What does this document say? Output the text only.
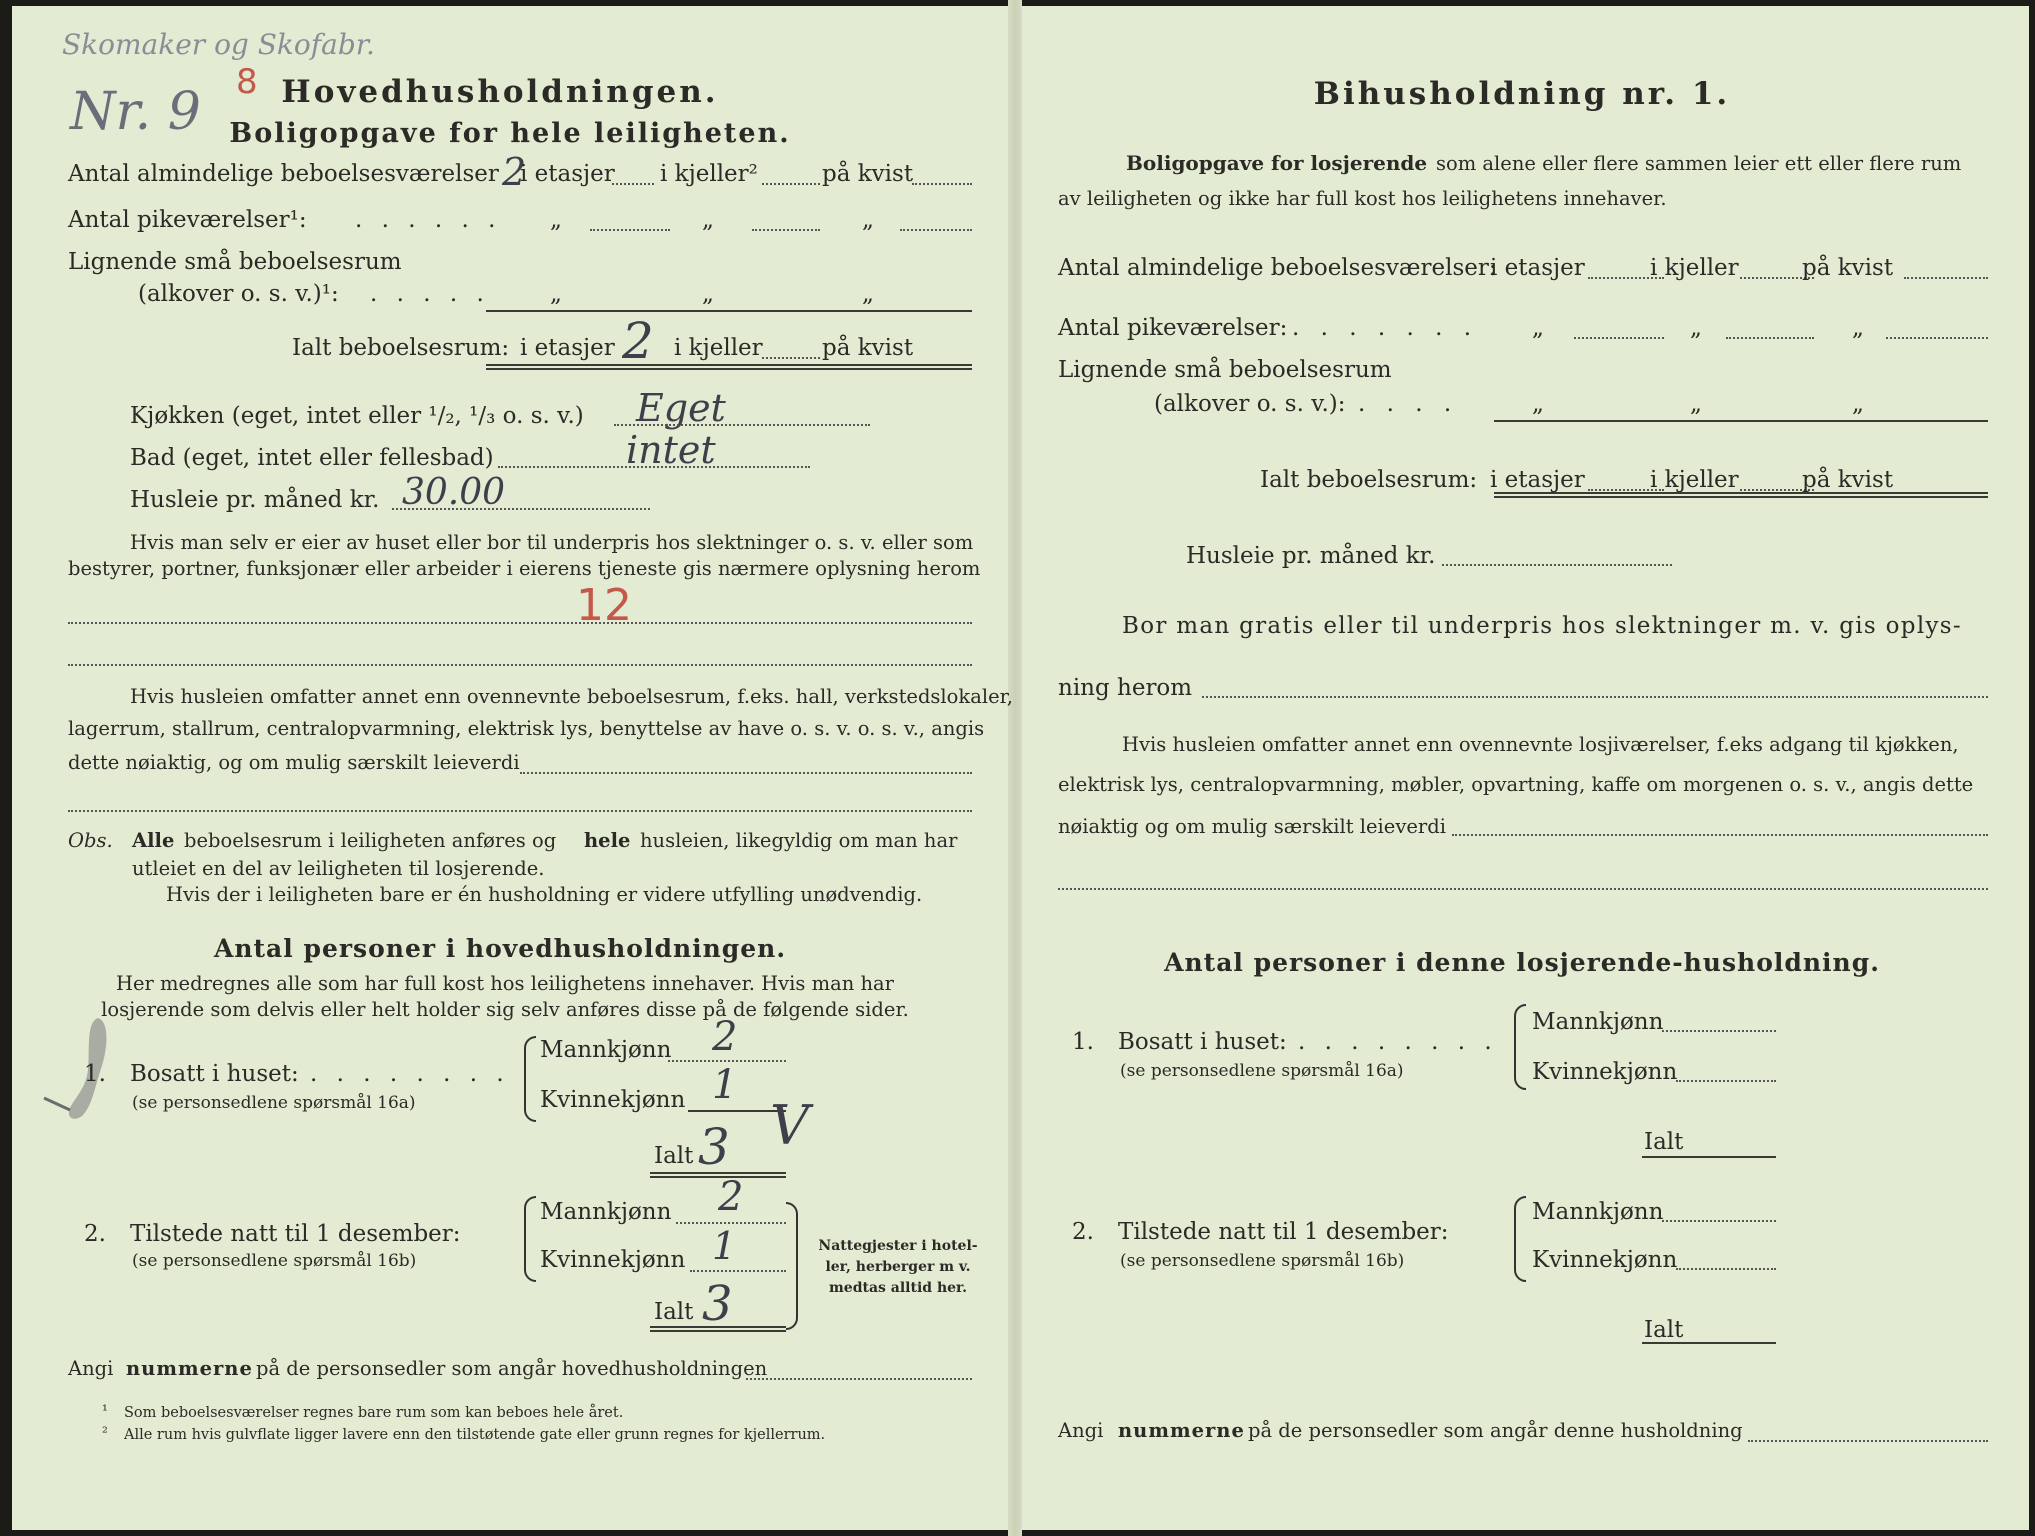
Skomaker og Skofabr.
Nr. 9 8 Hovedhusholdningen.
Boligopgave for hele leiligheten.
Antal almindelige beboelsesværelser 2
i etasjer i kjeller²	på kvist
Antal pikeværelser¹: . . . . . . „	„	„
Lignende små beboelsesrum
(alkover o. s. v.)¹: . . . . .	„	„	„
Ialt beboelsesrum: i etasjer 2 i kjeller	på kvist
Kjøkken (eget, intet eller ¹/₂, ¹/₃ o. s. v.) Eget
Bad (eget, intet eller fellesbad)	intet
Husleie pr. måned kr. 30.00
Hvis man selv er eier av huset eller bor til underpris hos slektninger o. s. v. eller som
bestyrer, portner, funksjonær eller arbeider i eierens tjeneste gis nærmere oplysning herom
12
Hvis husleien omfatter annet enn ovennevnte beboelsesrum, f.eks. hall, verkstedslokaler,
lagerrum, stallrum, centralopvarmning, elektrisk lys, benyttelse av have o. s. v. o. s. v., angis
dette nøiaktig, og om mulig særskilt leieverdi
Obs. Alle beboelsesrum i leiligheten anføres og hele husleien, likegyldig om man har
utleiet en del av leiligheten til losjerende.
Hvis der i leiligheten bare er én husholdning er videre utfylling unødvendig.
Antal personer i hovedhusholdningen.
Her medregnes alle som har full kost hos leilighetens innehaver. Hvis man har
losjerende som delvis eller helt holder sig selv anføres disse på de følgende sider.
1. Bosatt i huset: . . . . . . . .
(se personsedlene spørsmål 16a)
Mannkjønn 2
Kvinnekjønn 1
V
Ialt 3
2. Tilstede natt til 1 desember:
(se personsedlene spørsmål 16b)
Mannkjønn 2
Kvinnekjønn 1
Ialt 3
Nattegjester i hotel-
ler, herberger m v.
medtas alltid her.
Angi nummerne på de personsedler som angår hovedhusholdningen
¹ Som beboelsesværelser regnes bare rum som kan beboes hele året.
² Alle rum hvis gulvflate ligger lavere enn den tilstøtende gate eller grunn regnes for kjellerrum.
Bihusholdning nr. 1.
Boligopgave for losjerende som alene eller flere sammen leier ett eller flere rum
av leiligheten og ikke har full kost hos leilighetens innehaver.
Antal almindelige beboelsesværelser:
i etasjer	i kjeller	på kvist
Antal pikeværelser: . . . . . . . „	„	„
Lignende små beboelsesrum
(alkover o. s. v.): . . . .	„	„	„
Ialt beboelsesrum: i etasjer	i kjeller	på kvist
Husleie pr. måned kr.
Bor man gratis eller til underpris hos slektninger m. v. gis oplys-
ning herom
Hvis husleien omfatter annet enn ovennevnte losjiværelser, f.eks adgang til kjøkken,
elektrisk lys, centralopvarmning, møbler, opvartning, kaffe om morgenen o. s. v., angis dette
nøiaktig og om mulig særskilt leieverdi
Antal personer i denne losjerende-husholdning.
1. Bosatt i huset: . . . . . . . .
(se personsedlene spørsmål 16a)
Mannkjønn
Kvinnekjønn
Ialt
2. Tilstede natt til 1 desember:
(se personsedlene spørsmål 16b)
Mannkjønn
Kvinnekjønn
Ialt
Angi nummerne på de personsedler som angår denne husholdning
